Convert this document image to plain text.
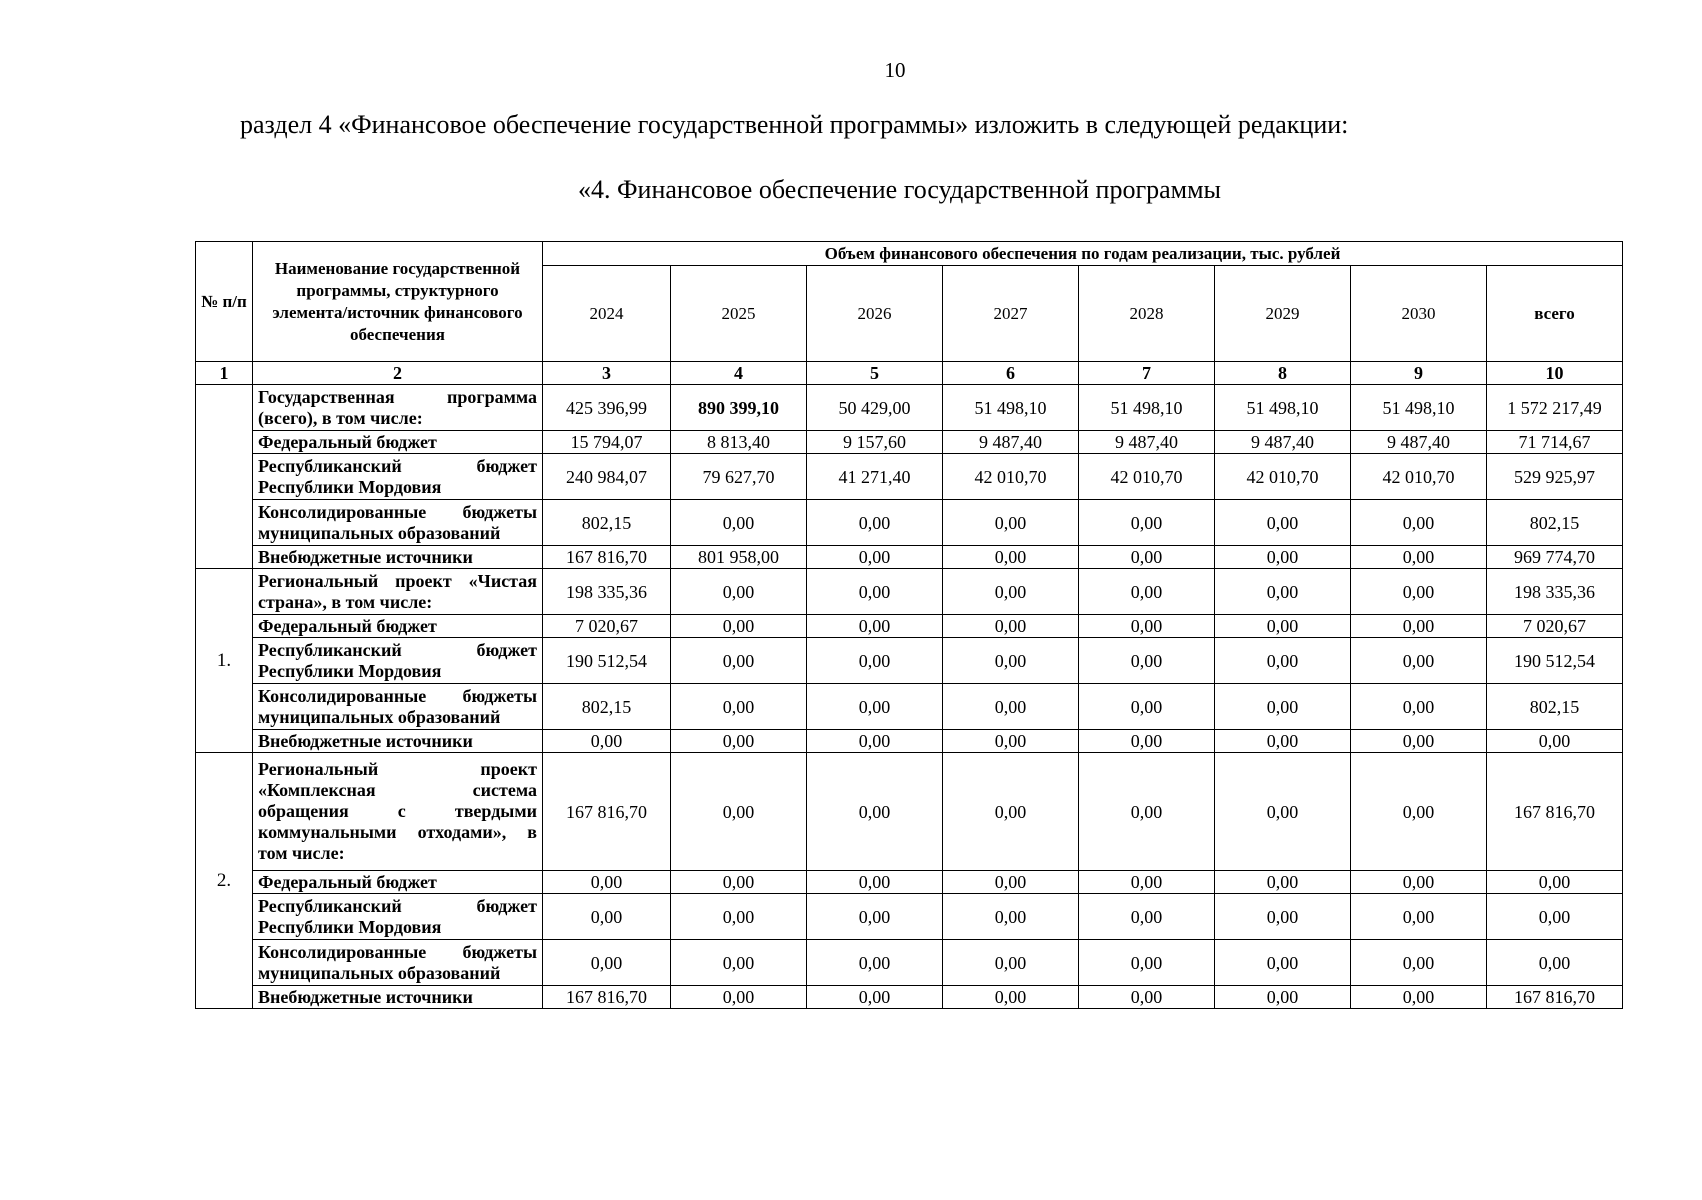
10
раздел 4 «Финансовое обеспечение государственной программы» изложить в следующей редакции:
«4. Финансовое обеспечение государственной программы
№ п/п	Наименование государственной программы, структурного элемента/источник финансового обеспечения	Объем финансового обеспечения по годам реализации, тыс. рублей							
		2024	2025	2026	2027	2028	2029	2030	всего
1	2	3	4	5	6	7	8	9	10
	Государственная программа (всего), в том числе:	425 396,99	890 399,10	50 429,00	51 498,10	51 498,10	51 498,10	51 498,10	1 572 217,49
	Федеральный бюджет	15 794,07	8 813,40	9 157,60	9 487,40	9 487,40	9 487,40	9 487,40	71 714,67
	Республиканский бюджет Республики Мордовия	240 984,07	79 627,70	41 271,40	42 010,70	42 010,70	42 010,70	42 010,70	529 925,97
	Консолидированные бюджеты муниципальных образований	802,15	0,00	0,00	0,00	0,00	0,00	0,00	802,15
	Внебюджетные источники	167 816,70	801 958,00	0,00	0,00	0,00	0,00	0,00	969 774,70
1.	Региональный проект «Чистая страна», в том числе:	198 335,36	0,00	0,00	0,00	0,00	0,00	0,00	198 335,36
	Федеральный бюджет	7 020,67	0,00	0,00	0,00	0,00	0,00	0,00	7 020,67
	Республиканский бюджет Республики Мордовия	190 512,54	0,00	0,00	0,00	0,00	0,00	0,00	190 512,54
	Консолидированные бюджеты муниципальных образований	802,15	0,00	0,00	0,00	0,00	0,00	0,00	802,15
	Внебюджетные источники	0,00	0,00	0,00	0,00	0,00	0,00	0,00	0,00
2.	Региональный проект «Комплексная система обращения с твердыми коммунальными отходами», в том числе:	167 816,70	0,00	0,00	0,00	0,00	0,00	0,00	167 816,70
	Федеральный бюджет	0,00	0,00	0,00	0,00	0,00	0,00	0,00	0,00
	Республиканский бюджет Республики Мордовия	0,00	0,00	0,00	0,00	0,00	0,00	0,00	0,00
	Консолидированные бюджеты муниципальных образований	0,00	0,00	0,00	0,00	0,00	0,00	0,00	0,00
	Внебюджетные источники	167 816,70	0,00	0,00	0,00	0,00	0,00	0,00	167 816,70
